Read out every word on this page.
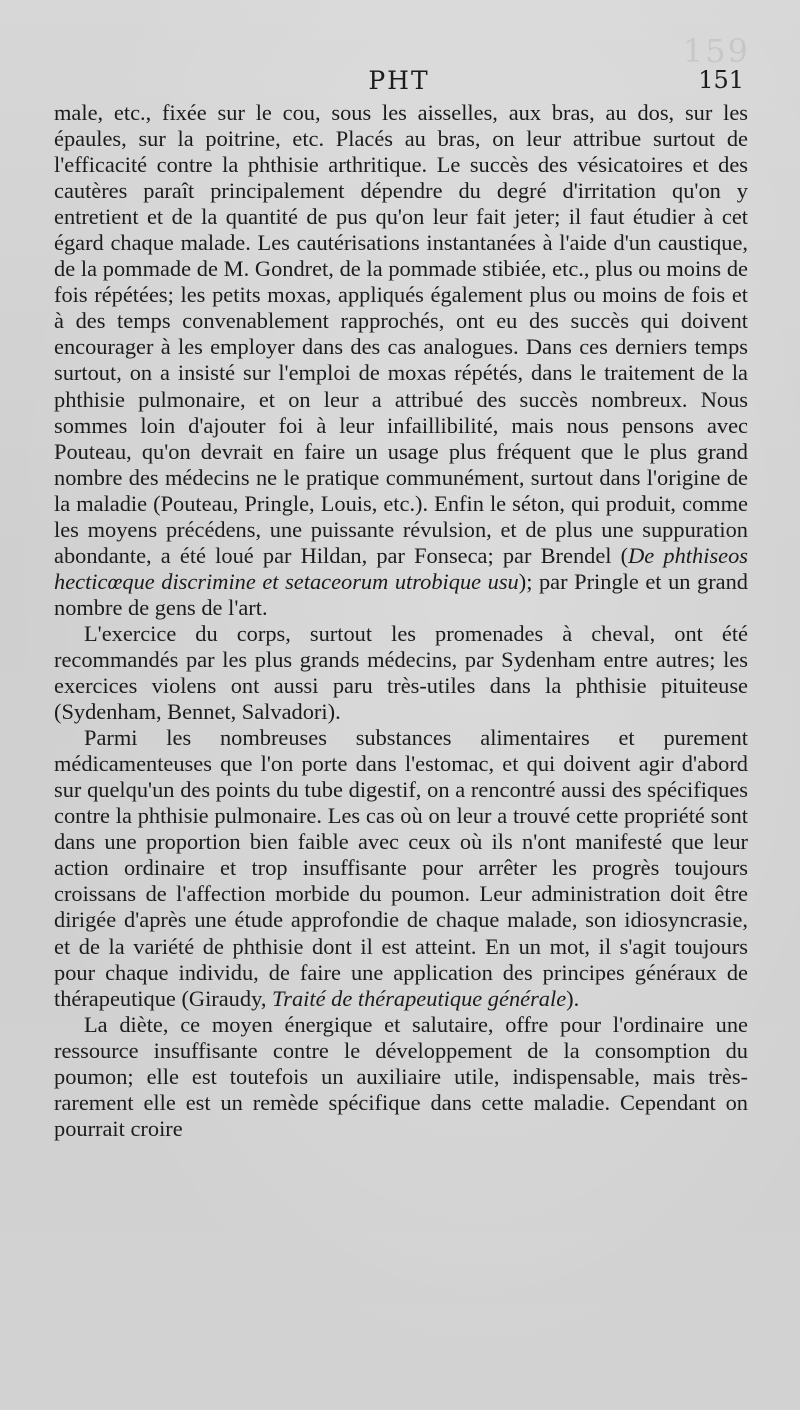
159
PHT	151

male, etc., fixée sur le cou, sous les aisselles, aux bras, au dos, sur les épaules, sur la poitrine, etc. Placés au bras, on leur attribue surtout de l'efficacité contre la phthisie arthritique. Le succès des vésicatoires et des cautères paraît principalement dépendre du degré d'irritation qu'on y entretient et de la quantité de pus qu'on leur fait jeter; il faut étudier à cet égard chaque malade. Les cautérisations instantanées à l'aide d'un caustique, de la pommade de M. Gondret, de la pommade stibiée, etc., plus ou moins de fois répétées; les petits moxas, appliqués également plus ou moins de fois et à des temps convenablement rapprochés, ont eu des succès qui doivent encourager à les employer dans des cas analogues. Dans ces derniers temps surtout, on a insisté sur l'emploi de moxas répétés, dans le traitement de la phthisie pulmonaire, et on leur a attribué des succès nombreux. Nous sommes loin d'ajouter foi à leur infaillibilité, mais nous pensons avec Pouteau, qu'on devrait en faire un usage plus fréquent que le plus grand nombre des médecins ne le pratique communément, surtout dans l'origine de la maladie (Pouteau, Pringle, Louis, etc.). Enfin le séton, qui produit, comme les moyens précédens, une puissante révulsion, et de plus une suppuration abondante, a été loué par Hildan, par Fonseca; par Brendel (De phthiseos hecticœque discrimine et setaceorum utrobique usu); par Pringle et un grand nombre de gens de l'art.

L'exercice du corps, surtout les promenades à cheval, ont été recommandés par les plus grands médecins, par Sydenham entre autres; les exercices violens ont aussi paru très-utiles dans la phthisie pituiteuse (Sydenham, Bennet, Salvadori).

Parmi les nombreuses substances alimentaires et purement médicamenteuses que l'on porte dans l'estomac, et qui doivent agir d'abord sur quelqu'un des points du tube digestif, on a rencontré aussi des spécifiques contre la phthisie pulmonaire. Les cas où on leur a trouvé cette propriété sont dans une proportion bien faible avec ceux où ils n'ont manifesté que leur action ordinaire et trop insuffisante pour arrêter les progrès toujours croissans de l'affection morbide du poumon. Leur administration doit être dirigée d'après une étude approfondie de chaque malade, son idiosyncrasie, et de la variété de phthisie dont il est atteint. En un mot, il s'agit toujours pour chaque individu, de faire une application des principes généraux de thérapeutique (Giraudy, Traité de thérapeutique générale).

La diète, ce moyen énergique et salutaire, offre pour l'ordinaire une ressource insuffisante contre le développement de la consomption du poumon; elle est toutefois un auxiliaire utile, indispensable, mais très-rarement elle est un remède spécifique dans cette maladie. Cependant on pourrait croire
